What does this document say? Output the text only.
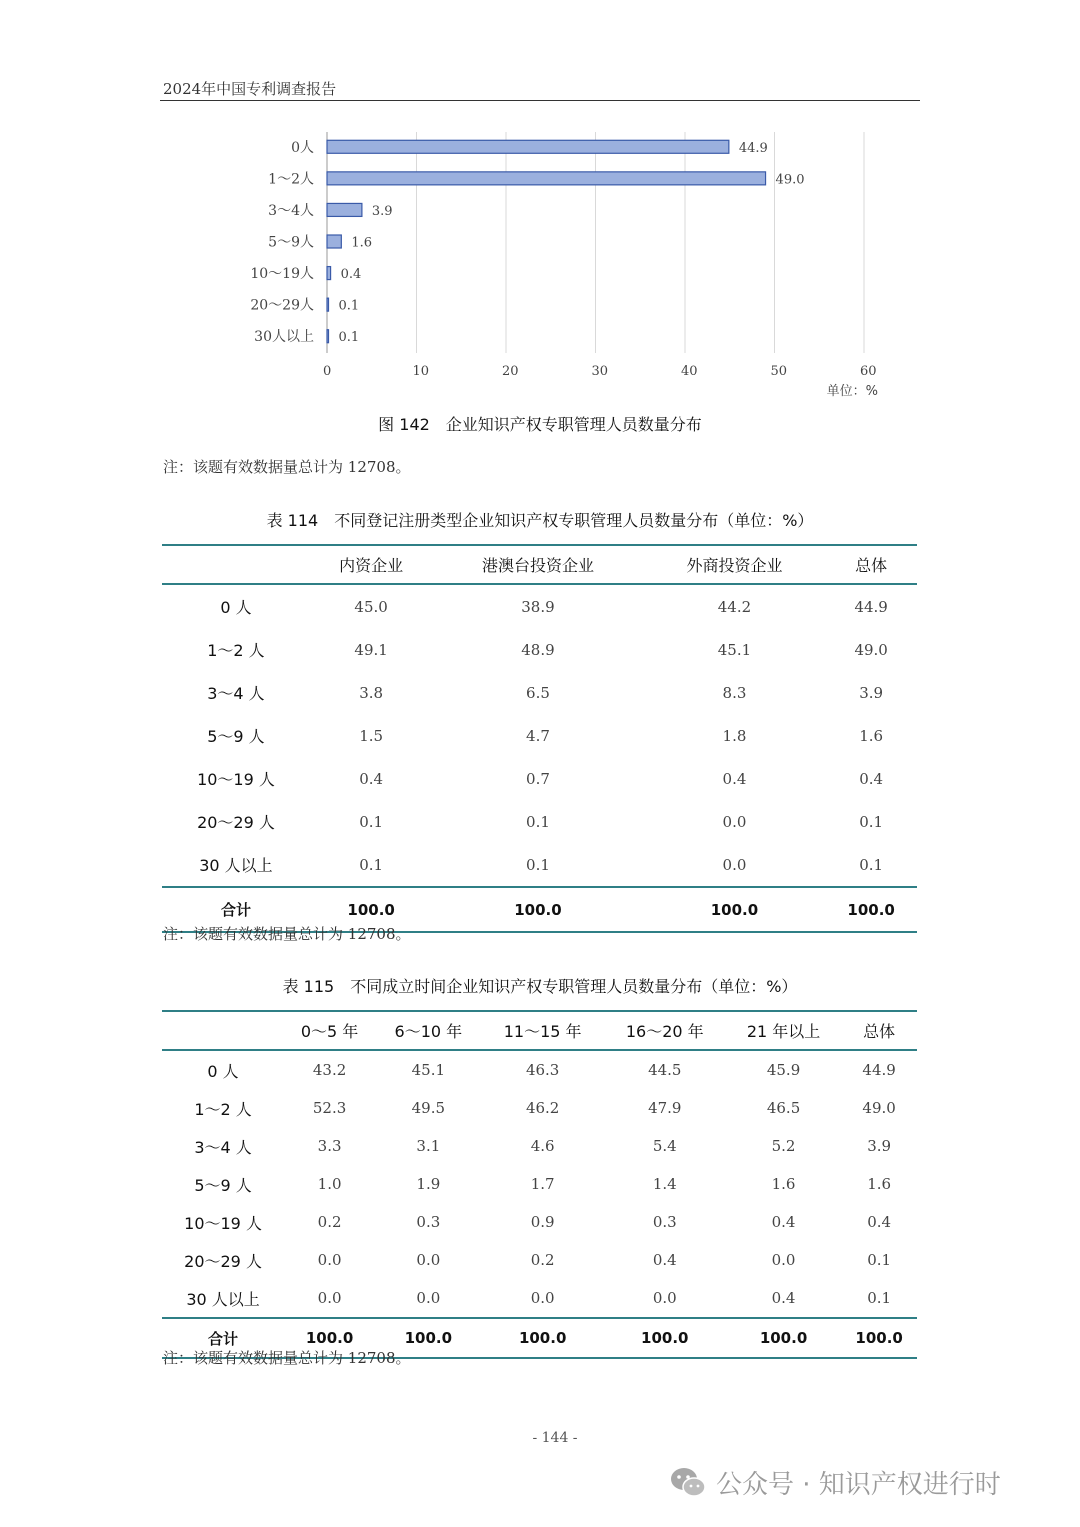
2024年中国专利调查报告
0	10	20	30	40	50	60
0人	44.9
1～2人	49.0
3～4人	3.9
5～9人	1.6
10～19人 0.4
20～29人 0.1
30人以上 0.1
单位：%
图 142　企业知识产权专职管理人员数量分布
注：该题有效数据量总计为 12708。
表 114　不同登记注册类型企业知识产权专职管理人员数量分布（单位：%）
	内资企业	港澳台投资企业	外商投资企业	总体
0 人	45.0	38.9	44.2	44.9
1～2 人	49.1	48.9	45.1	49.0
3～4 人	3.8	6.5	8.3	3.9
5～9 人	1.5	4.7	1.8	1.6
10～19 人	0.4	0.7	0.4	0.4
20～29 人	0.1	0.1	0.0	0.1
30 人以上	0.1	0.1	0.0	0.1
合计	100.0	100.0	100.0	100.0
注：该题有效数据量总计为 12708。
表 115　不同成立时间企业知识产权专职管理人员数量分布（单位：%）
	0～5 年	6～10 年	11～15 年	16～20 年	21 年以上	总体
0 人	43.2	45.1	46.3	44.5	45.9	44.9
1～2 人	52.3	49.5	46.2	47.9	46.5	49.0
3～4 人	3.3	3.1	4.6	5.4	5.2	3.9
5～9 人	1.0	1.9	1.7	1.4	1.6	1.6
10～19 人	0.2	0.3	0.9	0.3	0.4	0.4
20～29 人	0.0	0.0	0.2	0.4	0.0	0.1
30 人以上	0.0	0.0	0.0	0.0	0.4	0.1
合计	100.0	100.0	100.0	100.0	100.0	100.0
注：该题有效数据量总计为 12708。
- 144 -
公众号 · 知识产权进行时
